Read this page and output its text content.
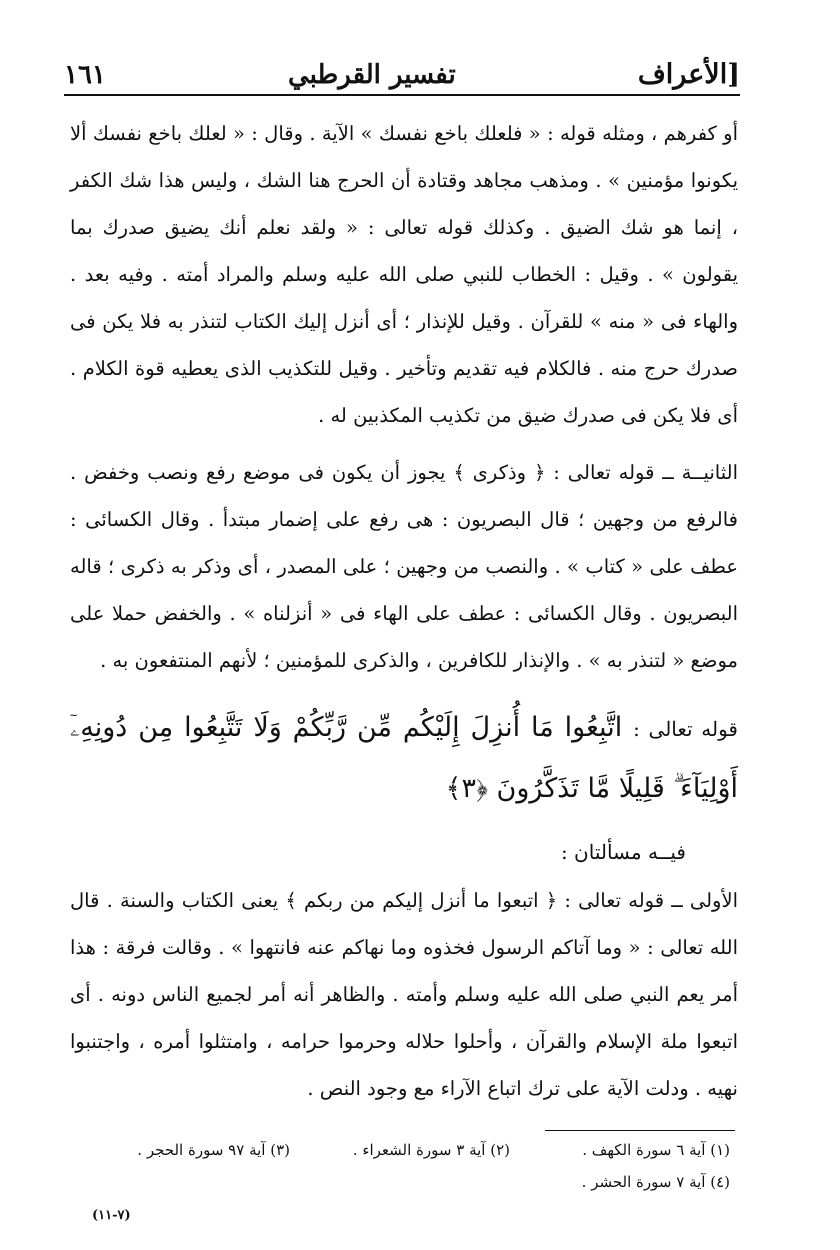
[الأعراف
تفسير القرطبي
١٦١

أو كفرهم ، ومثله قوله : « فلعلك باخع نفسك » الآية . وقال : « لعلك باخع نفسك ألا يكونوا مؤمنين » . ومذهب مجاهد وقتادة أن الحرج هنا الشك ، وليس هذا شك الكفر ، إنما هو شك الضيق . وكذلك قوله تعالى : « ولقد نعلم أنك يضيق صدرك بما يقولون » . وقيل : الخطاب للنبي صلى الله عليه وسلم والمراد أمته . وفيه بعد . والهاء فى « منه » للقرآن . وقيل للإنذار ؛ أى أنزل إليك الكتاب لتنذر به فلا يكن فى صدرك حرج منه . فالكلام فيه تقديم وتأخير . وقيل للتكذيب الذى يعطيه قوة الكلام . أى فلا يكن فى صدرك ضيق من تكذيب المكذبين له .

الثانيــة ــ قوله تعالى : ﴿ وذكرى ﴾ يجوز أن يكون فى موضع رفع ونصب وخفض . فالرفع من وجهين ؛ قال البصريون : هى رفع على إضمار مبتدأ . وقال الكسائى : عطف على « كتاب » . والنصب من وجهين ؛ على المصدر ، أى وذكر به ذكرى ؛ قاله البصريون . وقال الكسائى : عطف على الهاء فى « أنزلناه » . والخفض حملا على موضع « لتنذر به » . والإنذار للكافرين ، والذكرى للمؤمنين ؛ لأنهم المنتفعون به .

قوله تعالى : اتَّبِعُوا مَا أُنزِلَ إِلَيْكُم مِّن رَّبِّكُمْ وَلَا تَتَّبِعُوا مِن دُونِهِۦٓ أَوْلِيَآءَ ۗ قَلِيلًا مَّا تَذَكَّرُونَ ﴿٣﴾

فيــه مسألتان :

الأولى ــ قوله تعالى : ﴿ اتبعوا ما أنزل إليكم من ربكم ﴾ يعنى الكتاب والسنة . قال الله تعالى : « وما آتاكم الرسول فخذوه وما نهاكم عنه فانتهوا » . وقالت فرقة : هذا أمر يعم النبي صلى الله عليه وسلم وأمته . والظاهر أنه أمر لجميع الناس دونه . أى اتبعوا ملة الإسلام والقرآن ، وأحلوا حلاله وحرموا حرامه ، وامتثلوا أمره ، واجتنبوا نهيه . ودلت الآية على ترك اتباع الآراء مع وجود النص .

(١) آية ٦ سورة الكهف .
(٢) آية ٣ سورة الشعراء .
(٣) آية ٩٧ سورة الحجر .
(٤) آية ٧ سورة الحشر .
(٧-١١)
